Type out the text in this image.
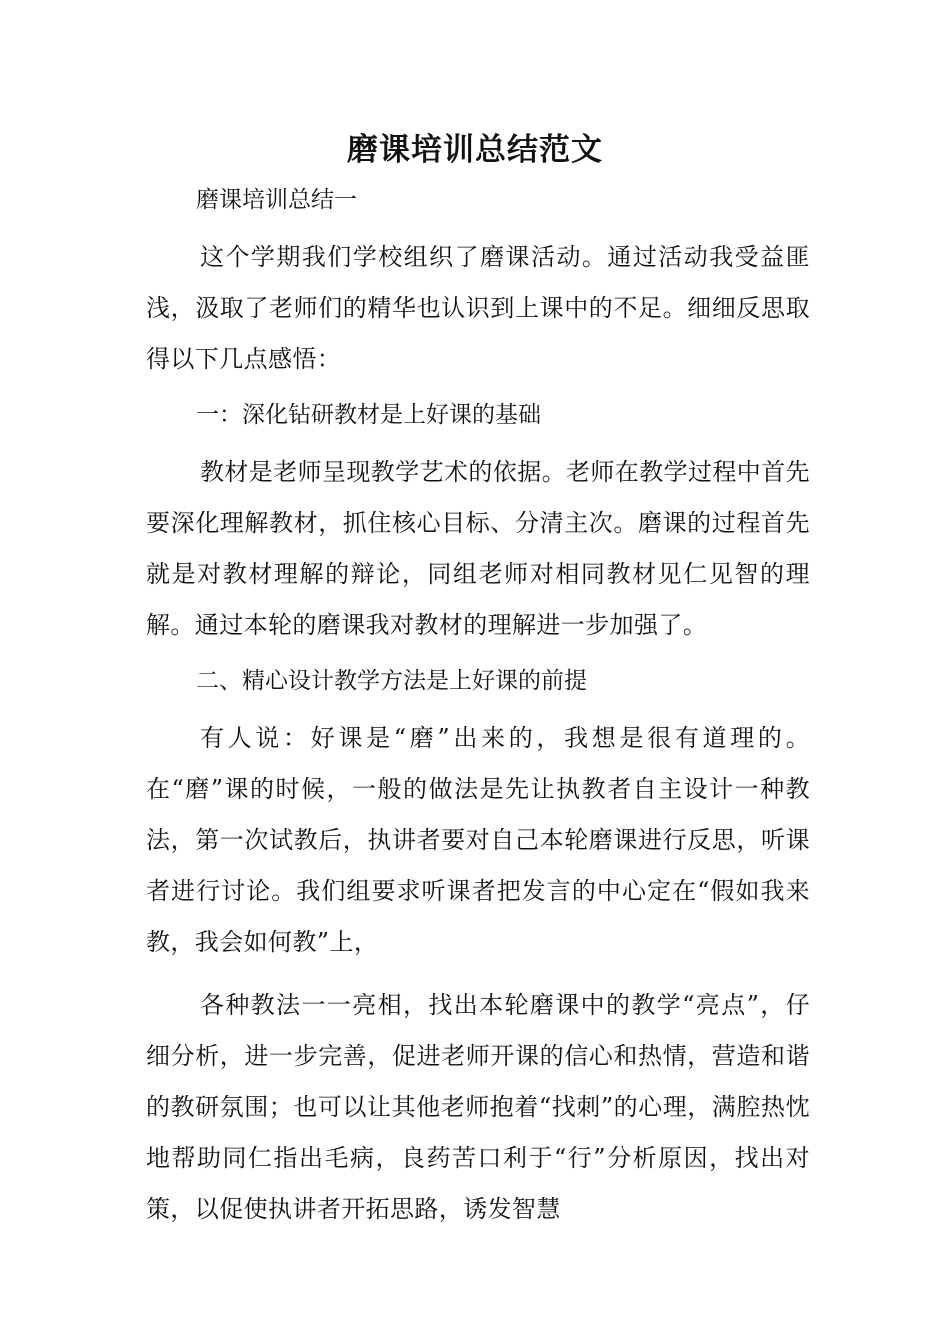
磨课培训总结范文

磨课培训总结一

这个学期我们学校组织了磨课活动。通过活动我受益匪浅，汲取了老师们的精华也认识到上课中的不足。细细反思取得以下几点感悟：

一：深化钻研教材是上好课的基础

教材是老师呈现教学艺术的依据。老师在教学过程中首先要深化理解教材，抓住核心目标、分清主次。磨课的过程首先就是对教材理解的辩论，同组老师对相同教材见仁见智的理解。通过本轮的磨课我对教材的理解进一步加强了。

二、精心设计教学方法是上好课的前提

有人说：好课是“磨”出来的，我想是很有道理的。在“磨”课的时候，一般的做法是先让执教者自主设计一种教法，第一次试教后，执讲者要对自己本轮磨课进行反思，听课者进行讨论。我们组要求听课者把发言的中心定在“假如我来教，我会如何教”上，

各种教法一一亮相，找出本轮磨课中的教学“亮点”，仔细分析，进一步完善，促进老师开课的信心和热情，营造和谐的教研氛围；也可以让其他老师抱着“找刺”的心理，满腔热忱地帮助同仁指出毛病，良药苦口利于“行”分析原因，找出对策，以促使执讲者开拓思路，诱发智慧
